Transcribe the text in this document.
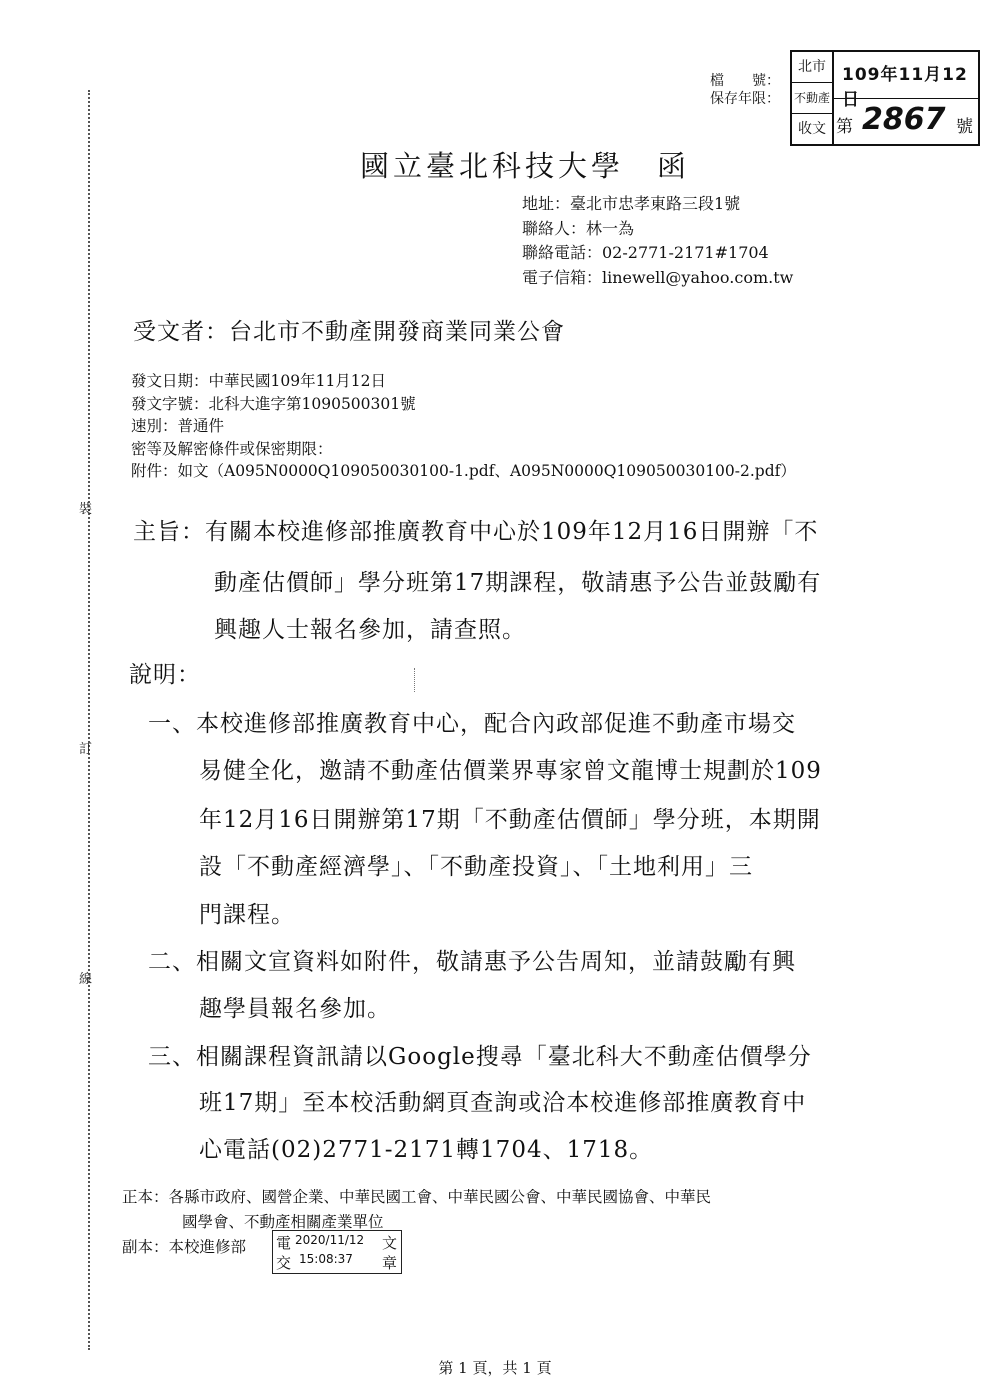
裝
訂
線
檔　　號：
保存年限：
北市
不動產
收文
109年11月12日
第 2867 號
國立臺北科技大學　函
地址：臺北市忠孝東路三段1號
聯絡人：林一為
聯絡電話：02-2771-2171#1704
電子信箱：linewell@yahoo.com.tw
受文者：台北市不動產開發商業同業公會
發文日期：中華民國109年11月12日
發文字號：北科大進字第1090500301號
速別：普通件
密等及解密條件或保密期限：
附件：如文（A095N0000Q109050030100-1.pdf、A095N0000Q109050030100-2.pdf）
主旨：有關本校進修部推廣教育中心於109年12月16日開辦「不
動產估價師」學分班第17期課程，敬請惠予公告並鼓勵有
興趣人士報名參加，請查照。
說明：
一、本校進修部推廣教育中心，配合內政部促進不動產市場交
易健全化，邀請不動產估價業界專家曾文龍博士規劃於109
年12月16日開辦第17期「不動產估價師」學分班，本期開
設「不動產經濟學」、「不動產投資」、「土地利用」三
門課程。
二、相關文宣資料如附件，敬請惠予公告周知，並請鼓勵有興
趣學員報名參加。
三、相關課程資訊請以Google搜尋「臺北科大不動產估價學分
班17期」至本校活動網頁查詢或洽本校進修部推廣教育中
心電話(02)2771-2171轉1704、1718。
正本：各縣市政府、國營企業、中華民國工會、中華民國公會、中華民國協會、中華民
國學會、不動產相關產業單位
副本：本校進修部 電
交
2020/11/12
15:08:37
文
章
第 1 頁，共 1 頁
